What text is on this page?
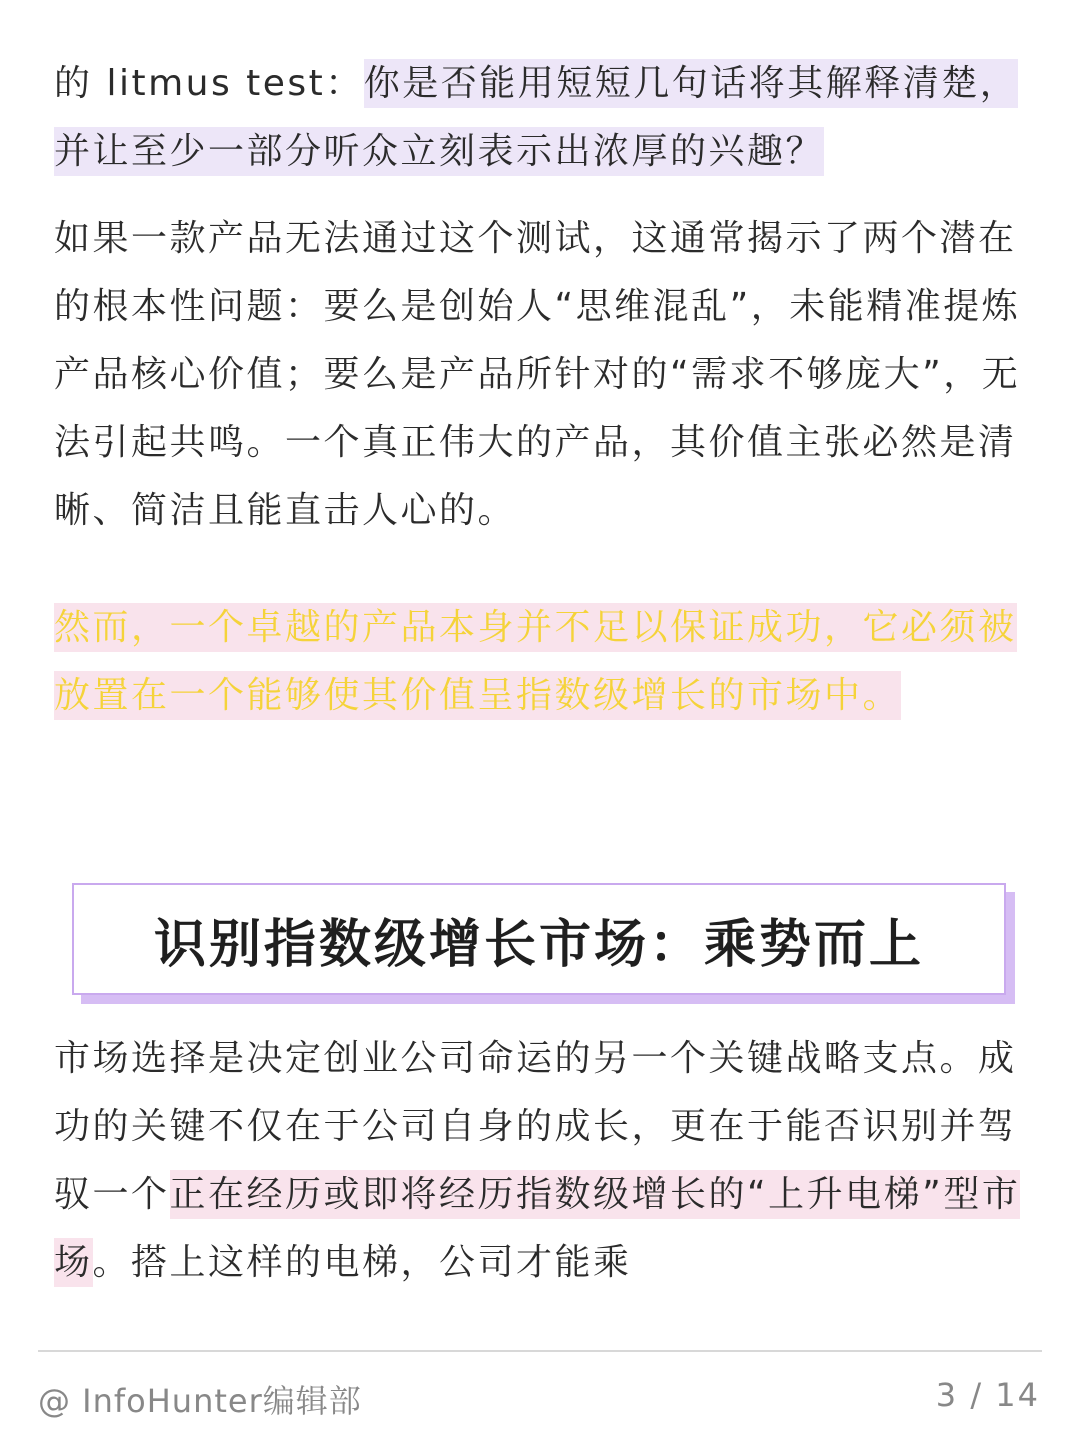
的 litmus test：你是否能用短短几句话将其解释清楚，并让至少一部分听众立刻表示出浓厚的兴趣？

如果一款产品无法通过这个测试，这通常揭示了两个潜在的根本性问题：要么是创始人“思维混乱”，未能精准提炼产品核心价值；要么是产品所针对的“需求不够庞大”，无法引起共鸣。一个真正伟大的产品，其价值主张必然是清晰、简洁且能直击人心的。

然而，一个卓越的产品本身并不足以保证成功，它必须被放置在一个能够使其价值呈指数级增长的市场中。

识别指数级增长市场：乘势而上

市场选择是决定创业公司命运的另一个关键战略支点。成功的关键不仅在于公司自身的成长，更在于能否识别并驾驭一个正在经历或即将经历指数级增长的“上升电梯”型市场。搭上这样的电梯，公司才能乘

@ InfoHunter编辑部	3 / 14
